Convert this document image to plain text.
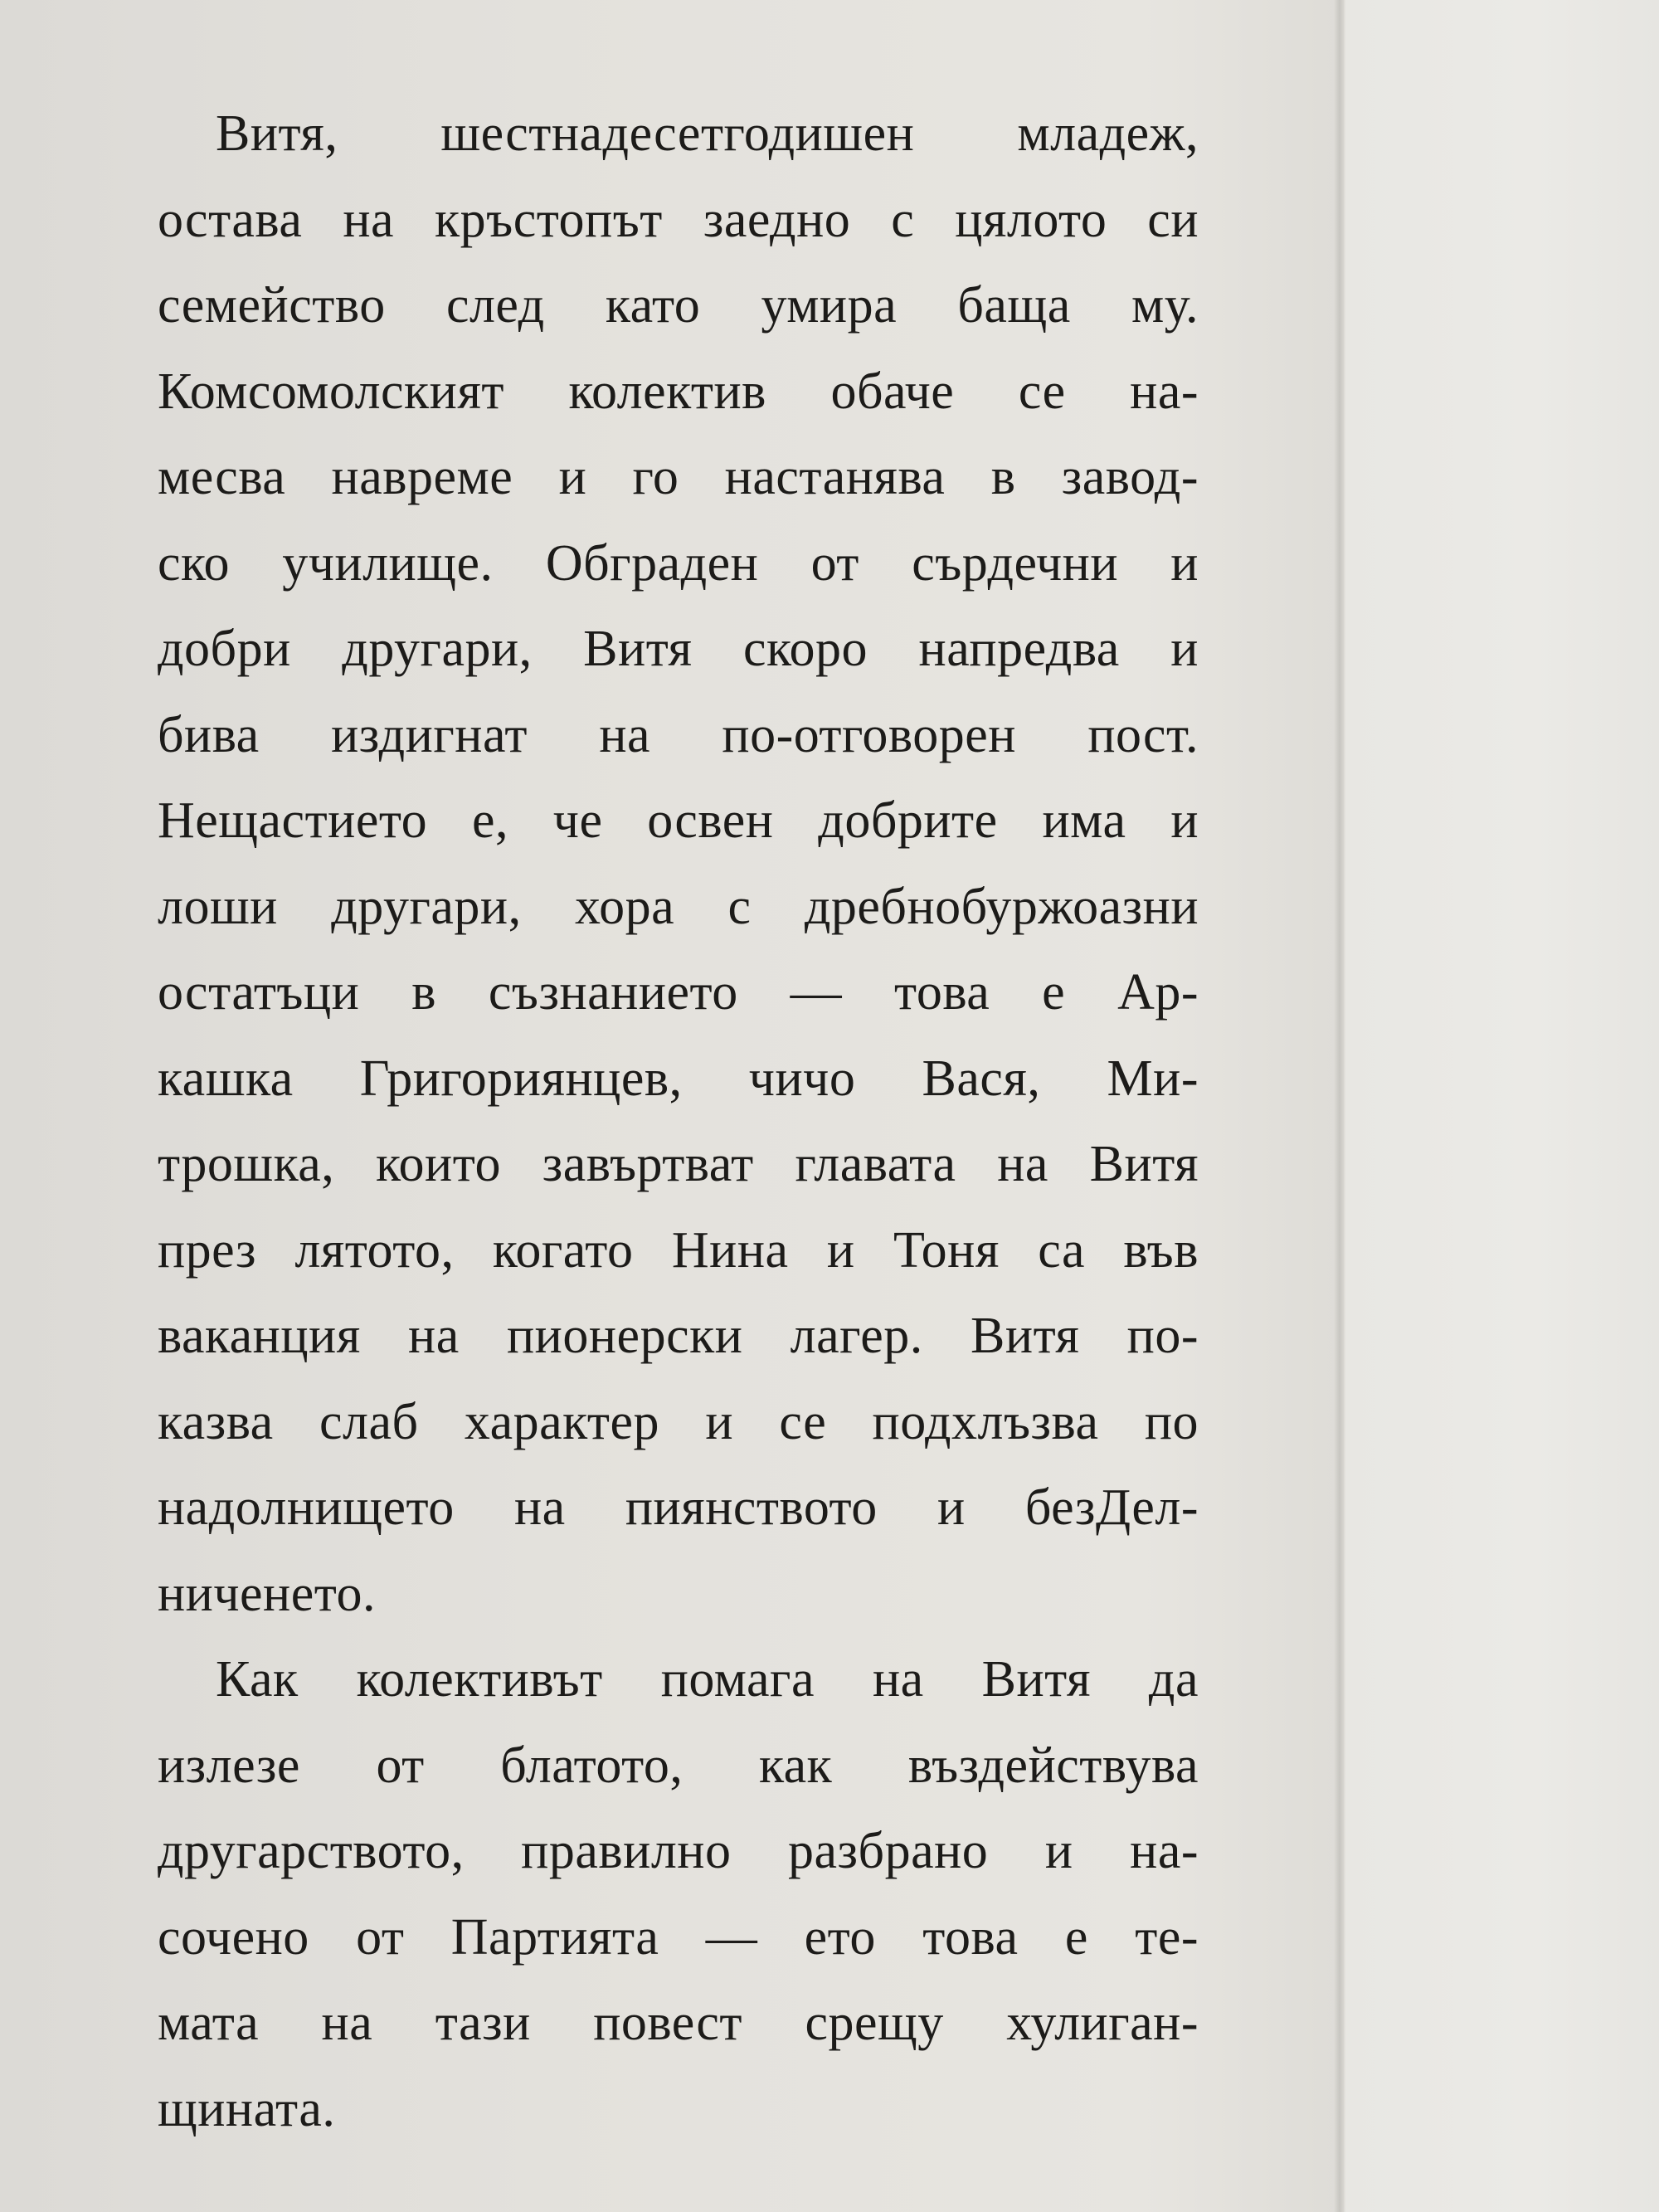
Витя, шестнадесетгодишен младеж,
остава на кръстопът заедно с цялото си
семейство след като умира баща му.
Комсомолският колектив обаче се на-
месва навреме и го настанява в завод-
ско училище. Обграден от сърдечни и
добри другари, Витя скоро напредва и
бива издигнат на по-отговорен пост.
Нещастието е, че освен добрите има и
лоши другари, хора с дребнобуржоазни
остатъци в съзнанието — това е Ар-
кашка Григориянцев, чичо Вася, Ми-
трошка, които завъртват главата на Витя
през лятото, когато Нина и Тоня са във
ваканция на пионерски лагер. Витя по-
казва слаб характер и се подхлъзва по
надолнището на пиянството и безДел-
ниченето.
Как колективът помага на Витя да
излезе от блатото, как въздействува
другарството, правилно разбрано и на-
сочено от Партията — ето това е те-
мата на тази повест срещу хулиган-
щината.
